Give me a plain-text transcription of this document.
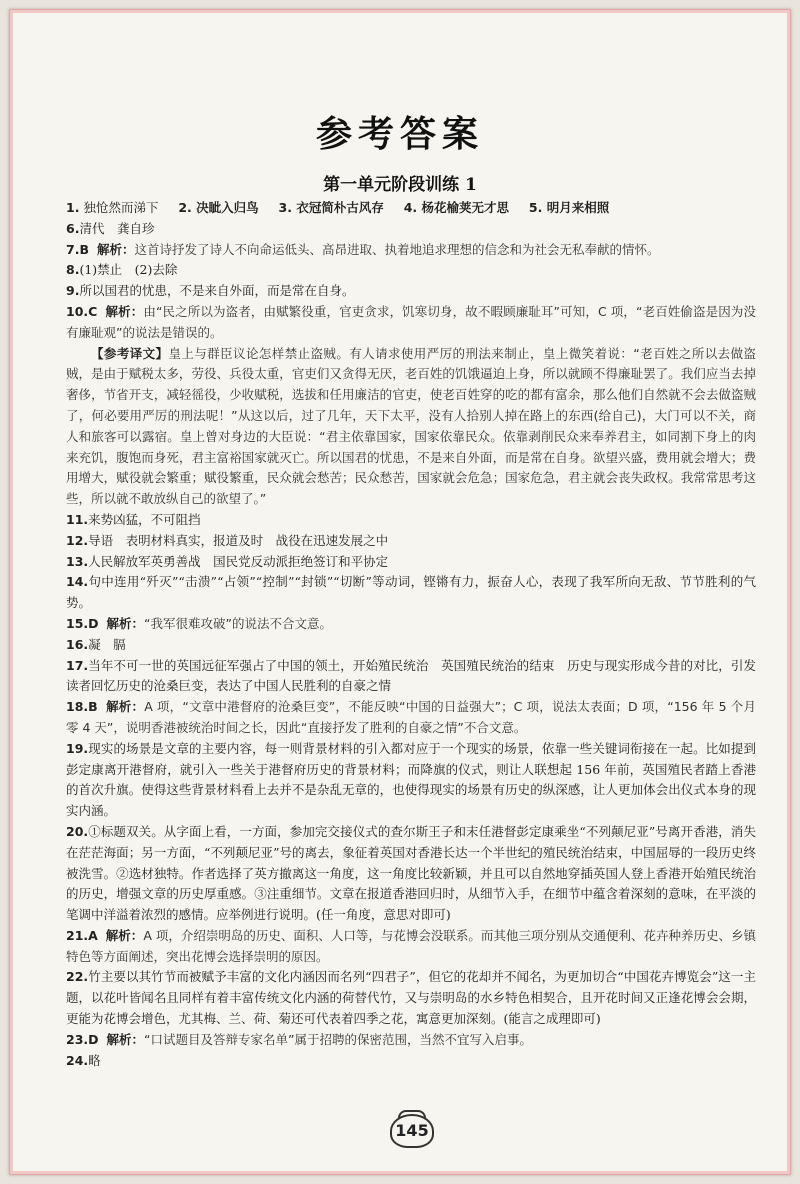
参考答案
第一单元阶段训练 1

1. 独怆然而涕下 2. 决眦入归鸟 3. 衣冠简朴古风存 4. 杨花榆荚无才思 5. 明月来相照

6.清代　龚自珍

7.B 解析：这首诗抒发了诗人不向命运低头、高昂进取、执着地追求理想的信念和为社会无私奉献的情怀。

8.(1)禁止　(2)去除

9.所以国君的忧患，不是来自外面，而是常在自身。

10.C 解析：由“民之所以为盗者，由赋繁役重，官吏贪求，饥寒切身，故不暇顾廉耻耳”可知，C 项，“老百姓偷盗是因为没有廉耻观”的说法是错误的。

【参考译文】皇上与群臣议论怎样禁止盗贼。有人请求使用严厉的刑法来制止，皇上微笑着说：“老百姓之所以去做盗贼，是由于赋税太多，劳役、兵役太重，官吏们又贪得无厌，老百姓的饥饿逼迫上身，所以就顾不得廉耻罢了。我们应当去掉奢侈，节省开支，减轻徭役，少收赋税，选拔和任用廉洁的官吏，使老百姓穿的吃的都有富余，那么他们自然就不会去做盗贼了，何必要用严厉的刑法呢！”从这以后，过了几年，天下太平，没有人拾别人掉在路上的东西(给自己)，大门可以不关，商人和旅客可以露宿。皇上曾对身边的大臣说：“君主依靠国家，国家依靠民众。依靠剥削民众来奉养君主，如同割下身上的肉来充饥，腹饱而身死，君主富裕国家就灭亡。所以国君的忧患，不是来自外面，而是常在自身。欲望兴盛，费用就会增大；费用增大，赋役就会繁重；赋役繁重，民众就会愁苦；民众愁苦，国家就会危急；国家危急，君主就会丧失政权。我常常思考这些，所以就不敢放纵自己的欲望了。”

11.来势凶猛，不可阻挡

12.导语　表明材料真实，报道及时　战役在迅速发展之中

13.人民解放军英勇善战　国民党反动派拒绝签订和平协定

14.句中连用“歼灭”“击溃”“占领”“控制”“封锁”“切断”等动词，铿锵有力，振奋人心，表现了我军所向无敌、节节胜利的气势。

15.D 解析：“我军很难攻破”的说法不合文意。

16.凝　膈

17.当年不可一世的英国远征军强占了中国的领土，开始殖民统治　英国殖民统治的结束　历史与现实形成今昔的对比，引发读者回忆历史的沧桑巨变，表达了中国人民胜利的自豪之情

18.B 解析：A 项，“文章中港督府的沧桑巨变”，不能反映“中国的日益强大”；C 项，说法太表面；D 项，“156 年 5 个月零 4 天”，说明香港被统治时间之长，因此“直接抒发了胜利的自豪之情”不合文意。

19.现实的场景是文章的主要内容，每一则背景材料的引入都对应于一个现实的场景，依靠一些关键词衔接在一起。比如提到彭定康离开港督府，就引入一些关于港督府历史的背景材料；而降旗的仪式，则让人联想起 156 年前，英国殖民者踏上香港的首次升旗。使得这些背景材料看上去并不是杂乱无章的，也使得现实的场景有历史的纵深感，让人更加体会出仪式本身的现实内涵。

20.①标题双关。从字面上看，一方面，参加完交接仪式的查尔斯王子和末任港督彭定康乘坐“不列颠尼亚”号离开香港，消失在茫茫海面；另一方面，“不列颠尼亚”号的离去，象征着英国对香港长达一个半世纪的殖民统治结束，中国屈辱的一段历史终被洗雪。②选材独特。作者选择了英方撤离这一角度，这一角度比较新颖，并且可以自然地穿插英国人登上香港开始殖民统治的历史，增强文章的历史厚重感。③注重细节。文章在报道香港回归时，从细节入手，在细节中蕴含着深刻的意味，在平淡的笔调中洋溢着浓烈的感情。应举例进行说明。(任一角度，意思对即可)

21.A 解析：A 项，介绍崇明岛的历史、面积、人口等，与花博会没联系。而其他三项分别从交通便利、花卉种养历史、乡镇特色等方面阐述，突出花博会选择崇明的原因。

22.竹主要以其竹节而被赋予丰富的文化内涵因而名列“四君子”，但它的花却并不闻名，为更加切合“中国花卉博览会”这一主题，以花叶皆闻名且同样有着丰富传统文化内涵的荷替代竹，又与崇明岛的水乡特色相契合，且开花时间又正逢花博会会期，更能为花博会增色，尤其梅、兰、荷、菊还可代表着四季之花，寓意更加深刻。(能言之成理即可)

23.D 解析：“口试题目及答辩专家名单”属于招聘的保密范围，当然不宜写入启事。

24.略

145
